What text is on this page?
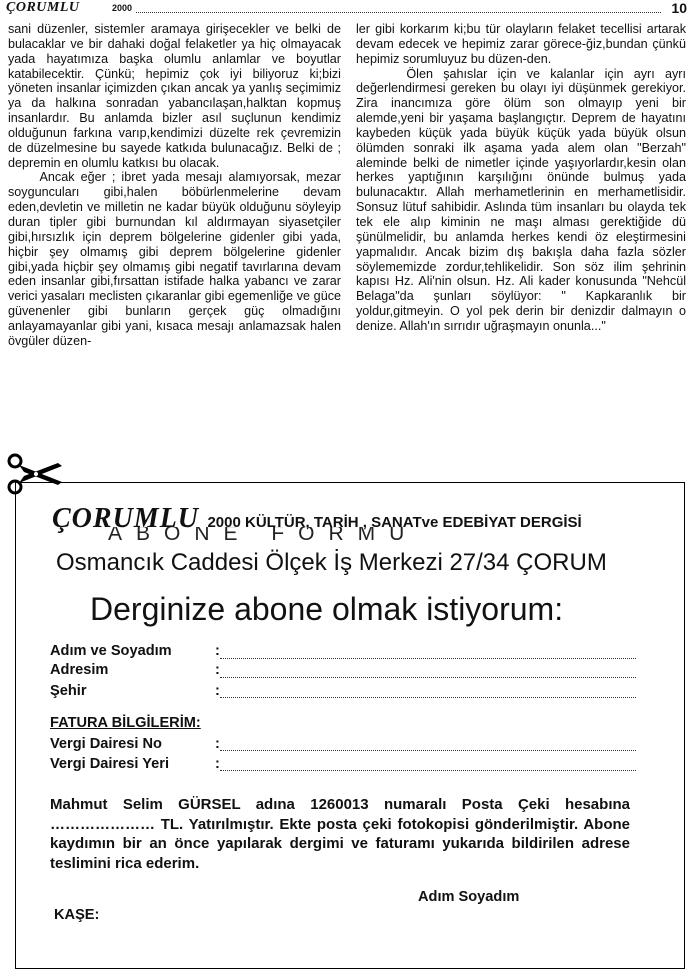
ÇORUMLU	2000	10

sani düzenler, sistemler aramaya girişecekler ve belki de bulacaklar ve bir dahaki doğal felaketler ya hiç olmayacak yada hayatımıza başka olumlu anlamlar ve boyutlar katabilecektir. Çünkü; hepimiz çok iyi biliyoruz ki;bizi yöneten insanlar içimizden çıkan ancak ya yanlış seçimimiz ya da halkına sonradan yabancılaşan,halktan kopmuş insanlardır. Bu anlamda bizler asıl suçlunun kendimiz olduğunun farkına varıp,kendimizi düzelte rek çevremizin de düzelmesine bu sayede katkıda bulunacağız. Belki de ; depremin en olumlu katkısı bu olacak.

Ancak eğer ; ibret yada mesajı alamıyorsak, mezar soyguncuları gibi,halen böbürlenmelerine devam eden,devletin ve milletin ne kadar büyük olduğunu söyleyip duran tipler gibi burnundan kıl aldırmayan siyasetçiler gibi,hırsızlık için deprem bölgelerine gidenler gibi yada, hiçbir şey olmamış gibi deprem bölgelerine gidenler gibi,yada hiçbir şey olmamış gibi negatif tavırlarına devam eden insanlar gibi,fırsattan istifade halka yabancı ve zarar verici yasaları meclisten çıkaranlar gibi egemenliğe ve güce güvenenler gibi bunların gerçek güç olmadığını anlayamayanlar gibi yani, kısaca mesajı anlamazsak halen övgüler düzen-

ler gibi korkarım ki;bu tür olayların felaket tecellisi artarak devam edecek ve hepimiz zarar görece-ğiz,bundan çünkü hepimiz sorumluyuz bu düzen-den.

Ölen şahıslar için ve kalanlar için ayrı ayrı değerlendirmesi gereken bu olayı iyi düşünmek gerekiyor. Zira inancımıza göre ölüm son olmayıp yeni bir alemde,yeni bir yaşama başlangıçtır. Deprem de hayatını kaybeden küçük yada büyük küçük yada büyük olsun ölümden sonraki ilk aşama yada alem olan "Berzah" aleminde belki de nimetler içinde yaşıyorlardır,kesin olan herkes yaptığının karşılığını önünde bulmuş yada bulunacaktır. Allah merhametlerinin en merhametlisidir. Sonsuz lütuf sahibidir. Aslında tüm insanları bu olayda tek tek ele alıp kiminin ne maşı alması gerektiğide dü şünülmelidir, bu anlamda herkes kendi öz eleştirmesini yapmalıdır. Ancak bizim dış bakışla daha fazla sözler söylememizde zordur,tehlikelidir. Son söz ilim şehrinin kapısı Hz. Ali'nin olsun. Hz. Ali kader konusunda "Nehcül Belaga"da şunları söylüyor: " Kapkaranlık bir yoldur,gitmeyin. O yol pek derin bir denizdir dalmayın o denize. Allah'ın sırrıdır uğraşmayın onunla..."

ÇORUMLU 2000 KÜLTÜR, TARİH , SANATve EDEBİYAT DERGİSİ
ABONE FORMU
Osmancık Caddesi Ölçek İş Merkezi 27/34 ÇORUM
Derginize abone olmak istiyorum:
Adım ve Soyadım	:
Adresim	:
Şehir	:
FATURA BİLGİLERİM:
Vergi Dairesi No	:
Vergi Dairesi Yeri	:
Mahmut Selim GÜRSEL adına 1260013 numaralı Posta Çeki hesabına ………………… TL. Yatırılmıştır. Ekte posta çeki fotokopisi gönderilmiştir. Abone kaydımın bir an önce yapılarak dergimi ve faturamı yukarıda bildirilen adrese teslimini rica ederim.
Adım Soyadım
KAŞE:
